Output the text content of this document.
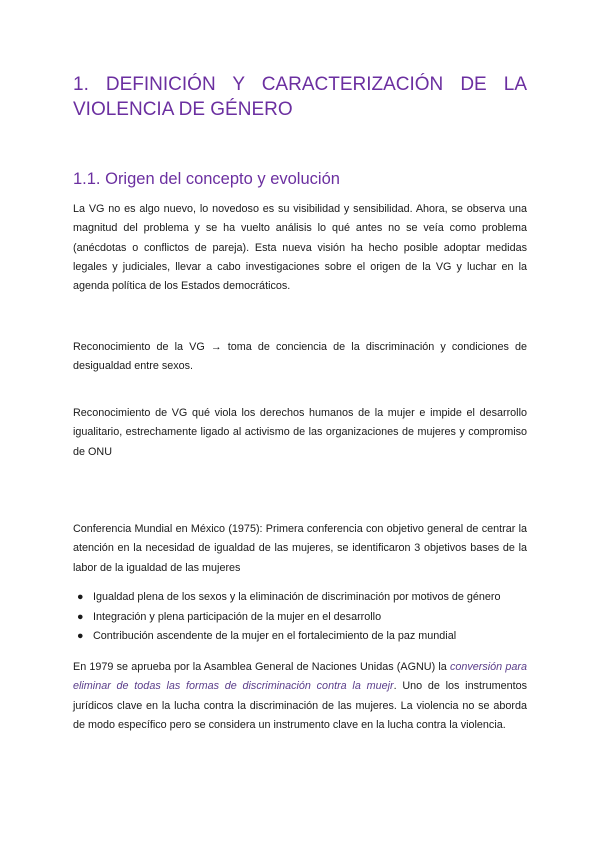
1. DEFINICIÓN Y CARACTERIZACIÓN DE LA VIOLENCIA DE GÉNERO
1.1. Origen del concepto y evolución

La VG no es algo nuevo, lo novedoso es su visibilidad y sensibilidad. Ahora, se observa una magnitud del problema y se ha vuelto análisis lo qué antes no se veía como problema (anécdotas o conflictos de pareja). Esta nueva visión ha hecho posible adoptar medidas legales y judiciales, llevar a cabo investigaciones sobre el origen de la VG y luchar en la agenda política de los Estados democráticos.

Reconocimiento de la VG → toma de conciencia de la discriminación y condiciones de desigualdad entre sexos.

Reconocimiento de VG qué viola los derechos humanos de la mujer e impide el desarrollo igualitario, estrechamente ligado al activismo de las organizaciones de mujeres y compromiso de ONU

Conferencia Mundial en México (1975): Primera conferencia con objetivo general de centrar la atención en la necesidad de igualdad de las mujeres, se identificaron 3 objetivos bases de la labor de la igualdad de las mujeres

● Igualdad plena de los sexos y la eliminación de discriminación por motivos de género
● Integración y plena participación de la mujer en el desarrollo
● Contribución ascendente de la mujer en el fortalecimiento de la paz mundial

En 1979 se aprueba por la Asamblea General de Naciones Unidas (AGNU) la conversión para eliminar de todas las formas de discriminación contra la muejr. Uno de los instrumentos jurídicos clave en la lucha contra la discriminación de las mujeres. La violencia no se aborda de modo específico pero se considera un instrumento clave en la lucha contra la violencia.
